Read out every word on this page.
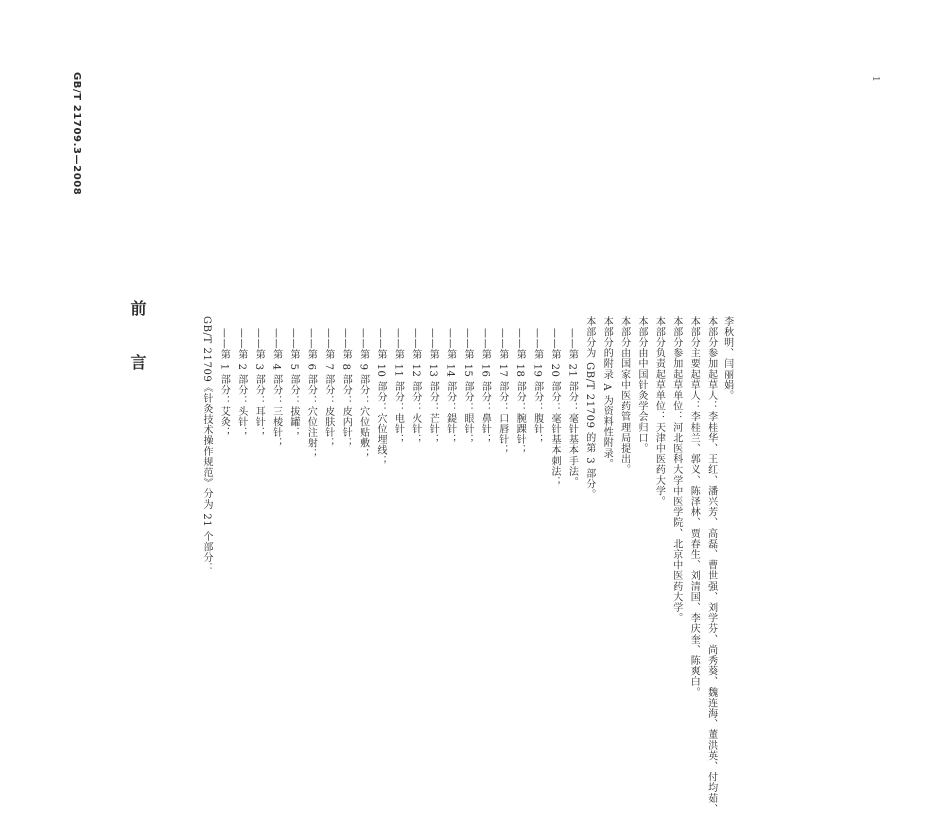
GB/T 21709.3—2008	1
前言	GB/T 21709《针灸技术操作规范》分为 21 个部分： ——第 1 部分：艾灸； ——第 2 部分：头针； ——第 3 部分：耳针； ——第 4 部分：三棱针； ——第 5 部分：拔罐； ——第 6 部分：穴位注射； ——第 7 部分：皮肤针； ——第 8 部分：皮内针； ——第 9 部分：穴位贴敷； ——第 10 部分：穴位埋线； ——第 11 部分：电针； ——第 12 部分：火针； ——第 13 部分：芒针； ——第 14 部分：鍉针； ——第 15 部分：眼针； ——第 16 部分：鼻针； ——第 17 部分：口唇针； ——第 18 部分：腕踝针； ——第 19 部分：腹针； ——第 20 部分：毫针基本刺法； ——第 21 部分：毫针基本手法。 本部分为 GB/T 21709 的第 3 部分。 本部分的附录 A 为资料性附录。 本部分由国家中医药管理局提出。 本部分由中国针灸学会归口。 本部分负责起草单位：天津中医药大学。 本部分参加起草单位：河北医科大学中医学院、北京中医药大学。 本部分主要起草人：李桂兰、郭义、陈泽林、贾春生、刘清国、李庆奎、陈爽白。 本部分参加起草人：李桂华、王红、潘兴芳、高磊、曹世强、刘学芬、尚秀葵、魏连海、董洪英、付均茹、 李秋明、闫丽娟。
